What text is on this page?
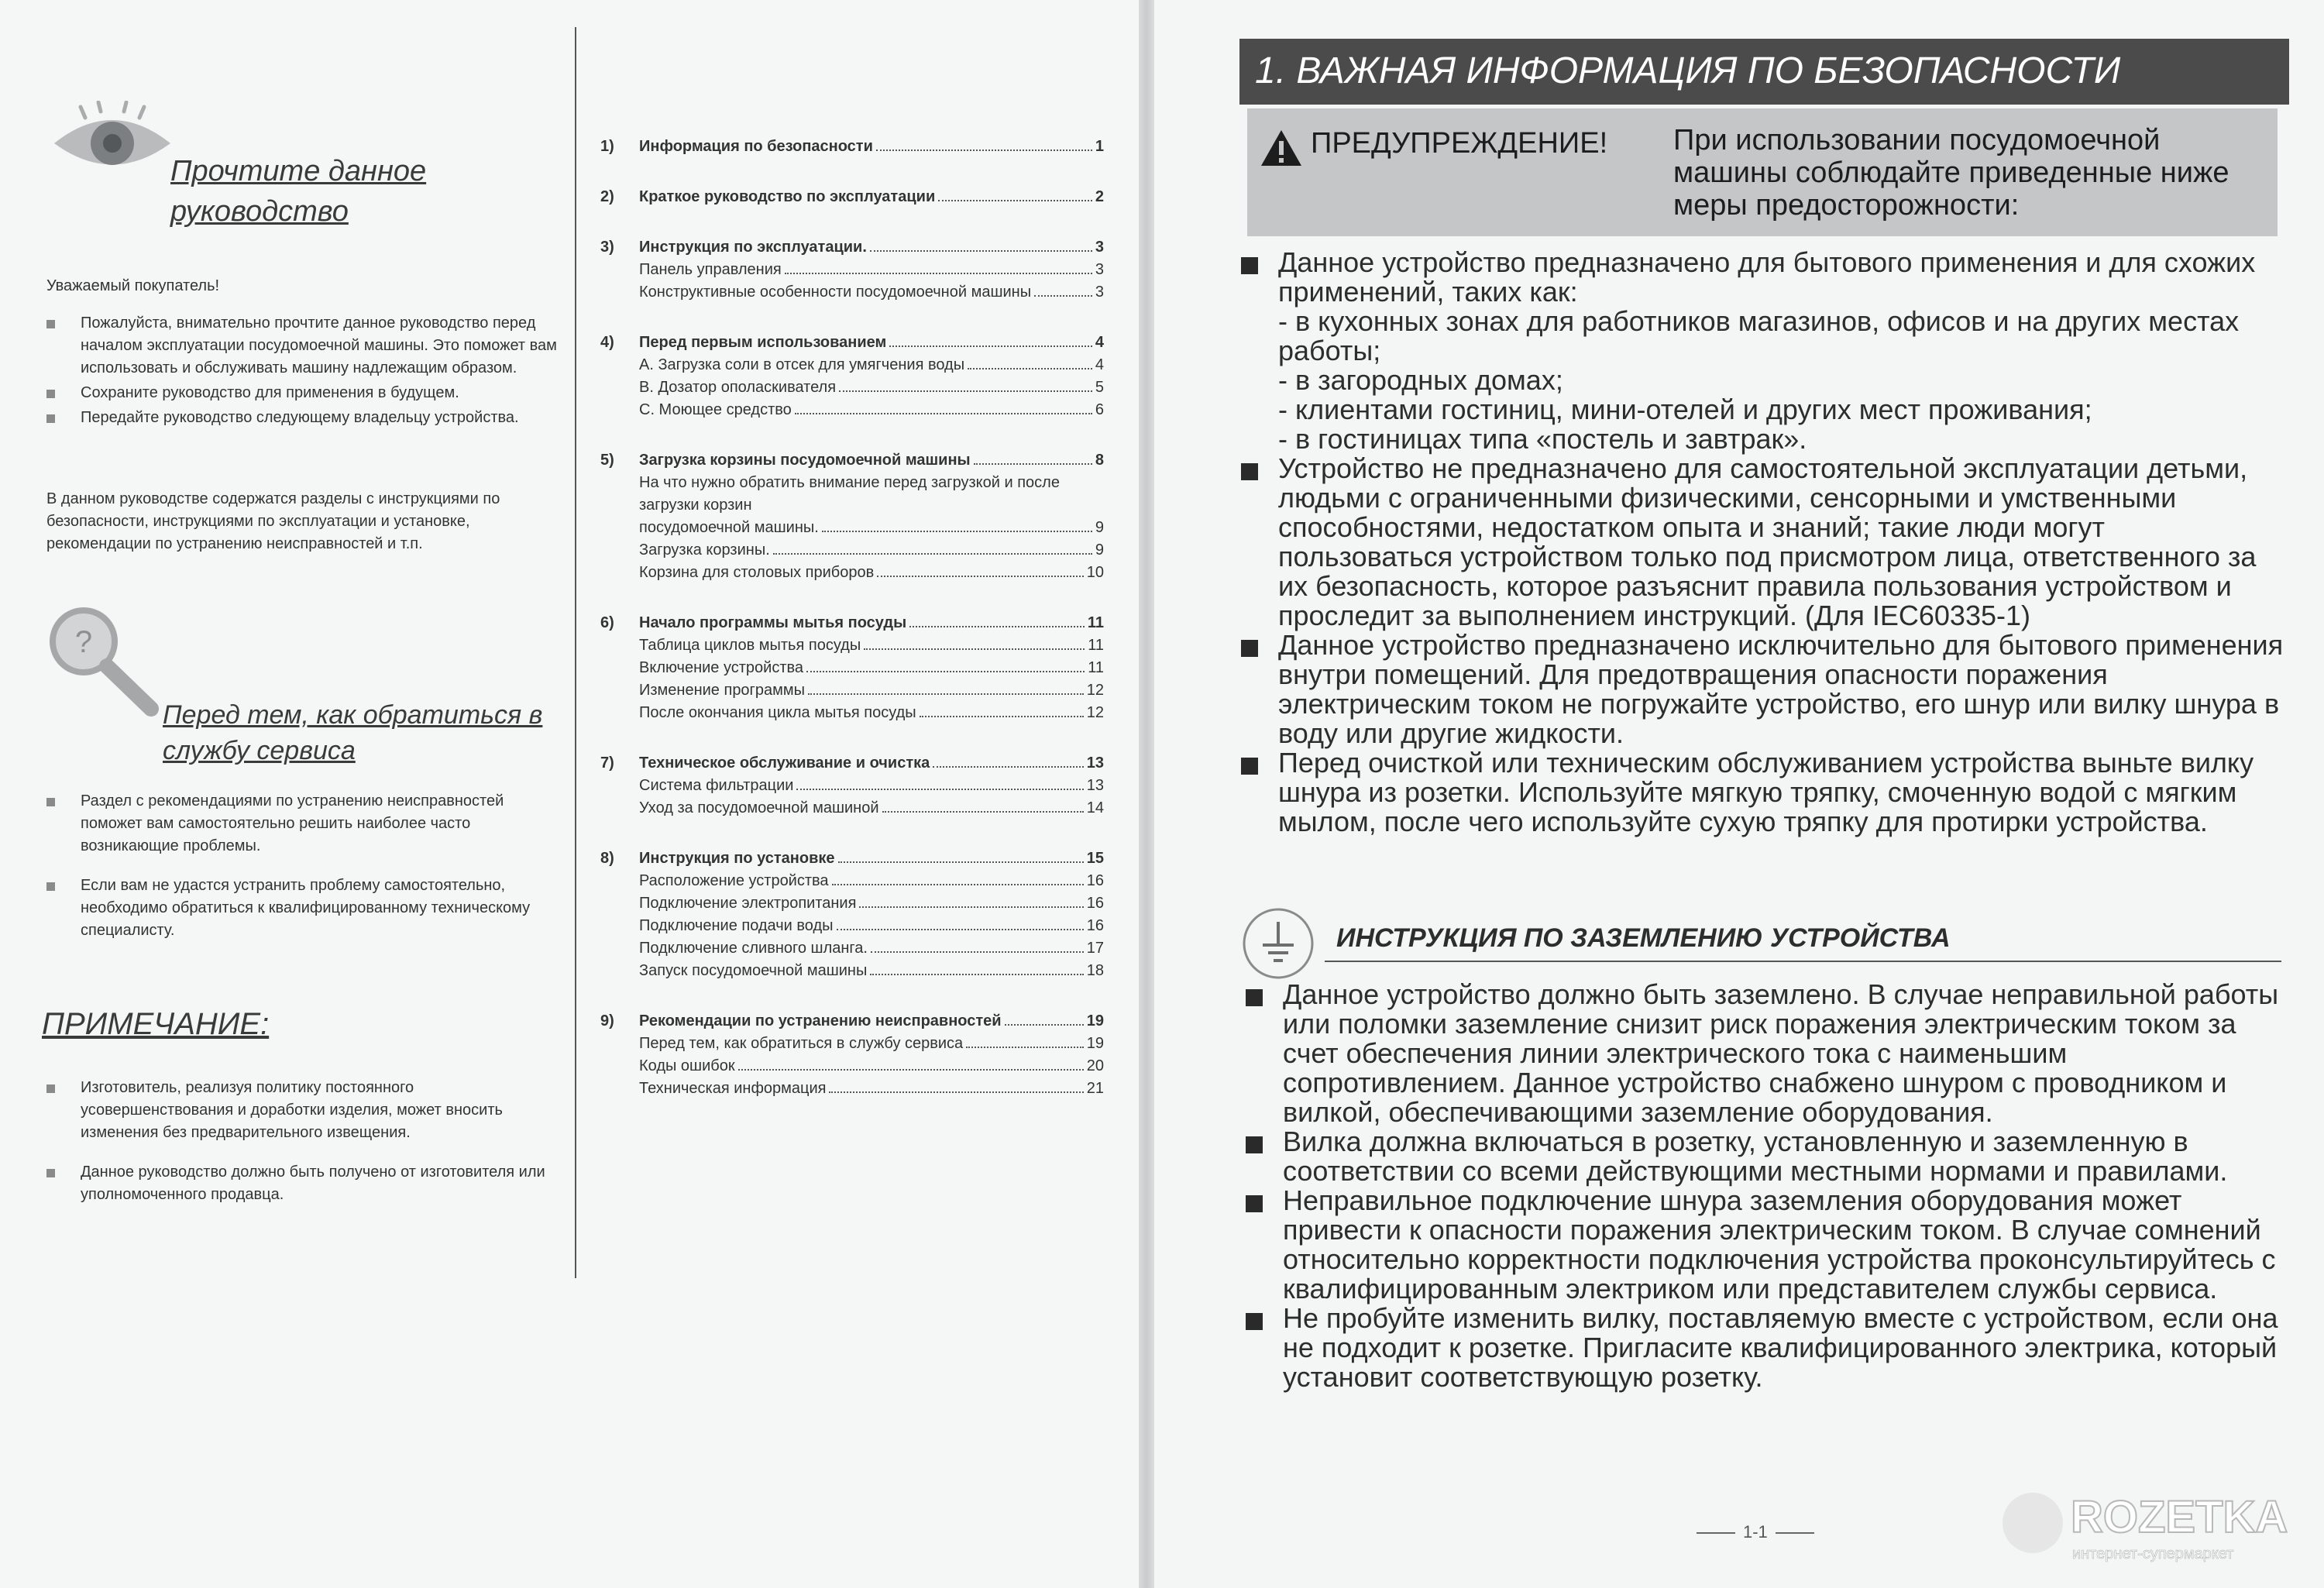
Прочтите данное руководство
Уважаемый покупатель!
Пожалуйста, внимательно прочтите данное руководство перед началом эксплуатации посудомоечной машины. Это поможет вам использовать и обслуживать машину надлежащим образом.
Сохраните руководство для применения в будущем.
Передайте руководство следующему владельцу устройства.
В данном руководстве содержатся разделы с инструкциями по безопасности, инструкциями по эксплуатации и установке, рекомендации по устранению неисправностей и т.п.
?
Перед тем, как обратиться в службу сервиса
Раздел с рекомендациями по устранению неисправностей поможет вам самостоятельно решить наиболее часто возникающие проблемы.
Если вам не удастся устранить проблему самостоятельно, необходимо обратиться к квалифицированному техническому специалисту.
ПРИМЕЧАНИЕ:
Изготовитель, реализуя политику постоянного усовершенствования и доработки изделия, может вносить изменения без предварительного извещения.
Данное руководство должно быть получено от изготовителя или уполномоченного продавца.
1)	Информация по безопасности	1
2)	Краткое руководство по эксплуатации	2
3)	Инструкция по эксплуатации.	3
Панель управления	3
Конструктивные особенности посудомоечной машины	3
4)	Перед первым использованием	4
A. Загрузка соли в отсек для умягчения воды	4
B. Дозатор ополаскивателя	5
C. Моющее средство	6
5)	Загрузка корзины посудомоечной машины	8
На что нужно обратить внимание перед загрузкой и после загрузки корзин
посудомоечной машины.	9
Загрузка корзины.	9
Корзина для столовых приборов	10
6)	Начало программы мытья посуды	11
Таблица циклов мытья посуды	11
Включение устройства	11
Изменение программы	12
После окончания цикла мытья посуды	12
7)	Техническое обслуживание и очистка	13
Система фильтрации	13
Уход за посудомоечной машиной	14
8)	Инструкция по установке	15
Расположение устройства	16
Подключение электропитания	16
Подключение подачи воды	16
Подключение сливного шланга.	17
Запуск посудомоечной машины	18
9)	Рекомендации по устранению неисправностей	19
Перед тем, как обратиться в службу сервиса	19
Коды ошибок	20
Техническая информация	21
1. ВАЖНАЯ ИНФОРМАЦИЯ ПО БЕЗОПАСНОСТИ
ПРЕДУПРЕЖДЕНИЕ! При использовании посудомоечной машины соблюдайте приведенные ниже меры предосторожности:
Данное устройство предназначено для бытового применения и для схожих применений, таких как:
- в кухонных зонах для работников магазинов, офисов и на других местах работы;
- в загородных домах;
- клиентами гостиниц, мини-отелей и других мест проживания;
- в гостиницах типа «постель и завтрак».
Устройство не предназначено для самостоятельной эксплуатации детьми, людьми с ограниченными физическими, сенсорными и умственными способностями, недостатком опыта и знаний; такие люди могут пользоваться устройством только под присмотром лица, ответственного за их безопасность, которое разъяснит правила пользования устройством и проследит за выполнением инструкций. (Для IEC60335-1)
Данное устройство предназначено исключительно для бытового применения внутри помещений. Для предотвращения опасности поражения электрическим током не погружайте устройство, его шнур или вилку шнура в воду или другие жидкости.
Перед очисткой или техническим обслуживанием устройства выньте вилку шнура из розетки. Используйте мягкую тряпку, смоченную водой с мягким мылом, после чего используйте сухую тряпку для протирки устройства.
ИНСТРУКЦИЯ ПО ЗАЗЕМЛЕНИЮ УСТРОЙСТВА
Данное устройство должно быть заземлено. В случае неправильной работы или поломки заземление снизит риск поражения электрическим током за счет обеспечения линии электрического тока с наименьшим сопротивлением. Данное устройство снабжено шнуром с проводником и вилкой, обеспечивающими заземление оборудования.
Вилка должна включаться в розетку, установленную и заземленную в соответствии со всеми действующими местными нормами и правилами.
Неправильное подключение шнура заземления оборудования может привести к опасности поражения электрическим током. В случае сомнений относительно корректности подключения устройства проконсультируйтесь с квалифицированным электриком или представителем службы сервиса.
Не пробуйте изменить вилку, поставляемую вместе с устройством, если она не подходит к розетке. Пригласите квалифицированного электрика, который установит соответствующую розетку.
1-1	ROZETKA
интернет-супермаркет
